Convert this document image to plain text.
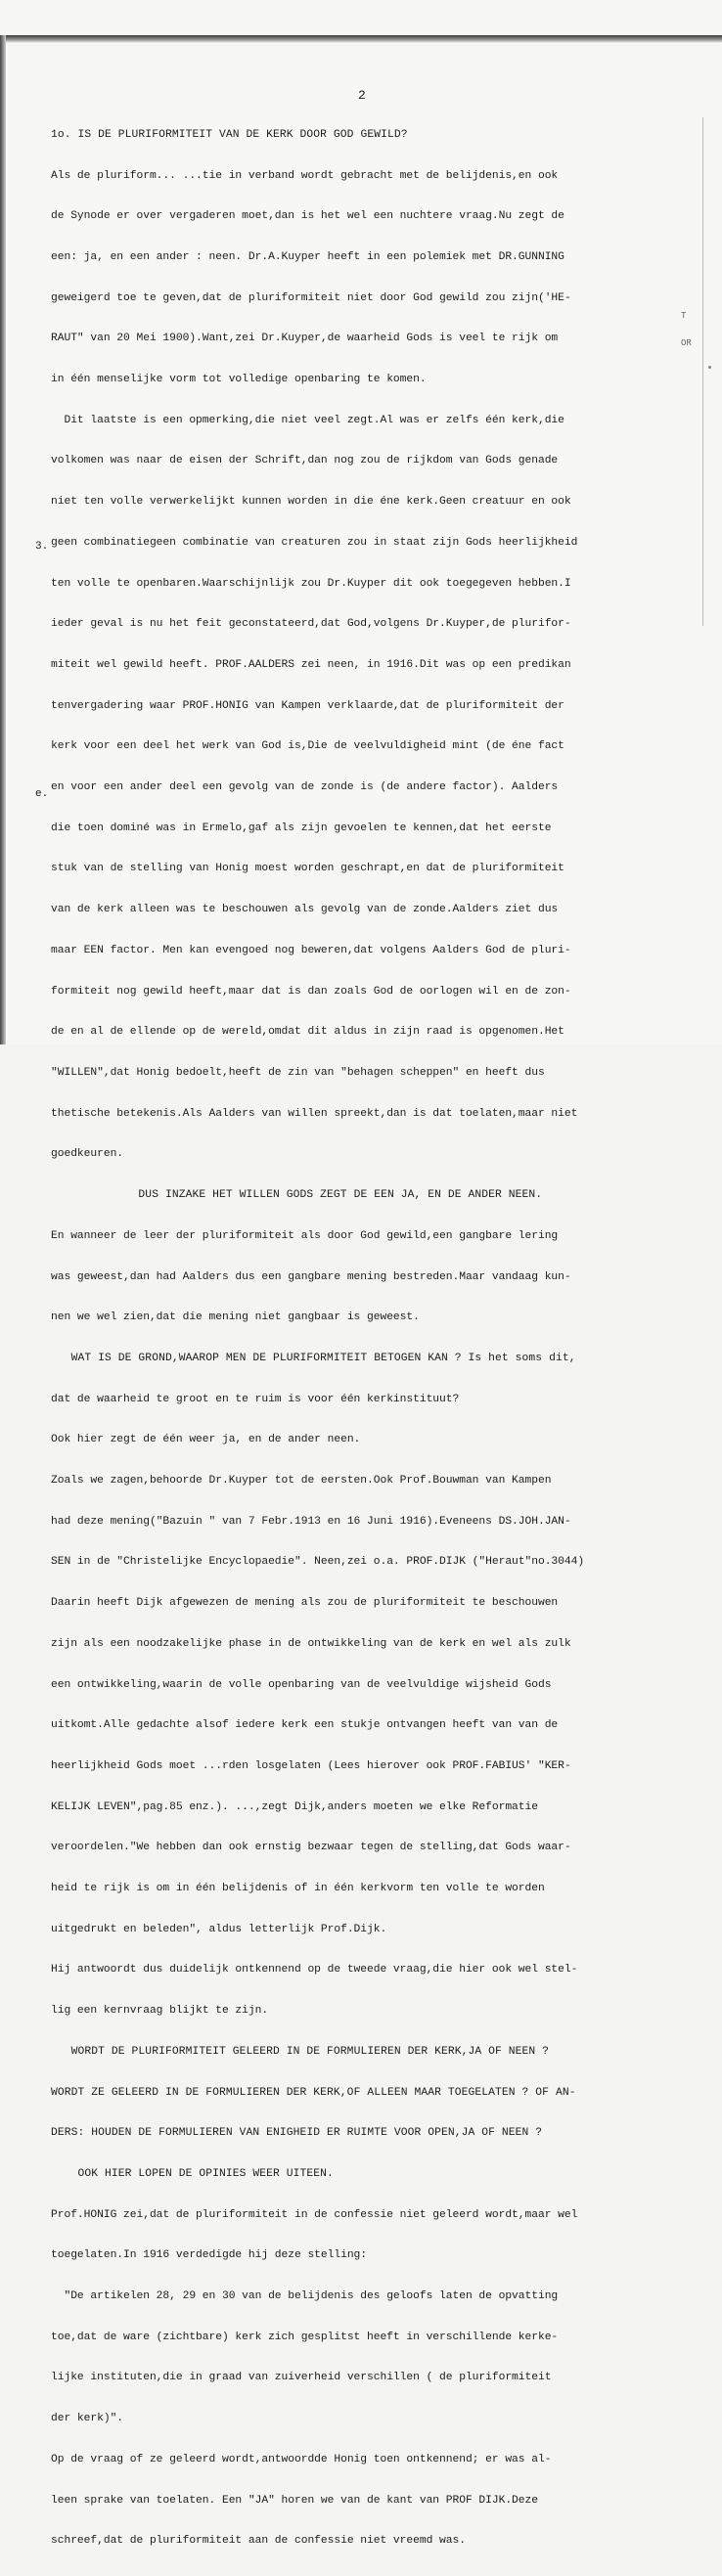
2
3.
e.
T
OR

1o. IS DE PLURIFORMITEIT VAN DE KERK DOOR GOD GEWILD?

Als de pluriform... ...tie in verband wordt gebracht met de belijdenis,en ook

de Synode er over vergaderen moet,dan is het wel een nuchtere vraag.Nu zegt de

een: ja, en een ander : neen. Dr.A.Kuyper heeft in een polemiek met DR.GUNNING

geweigerd toe te geven,dat de pluriformiteit niet door God gewild zou zijn('HE-

RAUT" van 20 Mei 1900).Want,zei Dr.Kuyper,de waarheid Gods is veel te rijk om

in één menselijke vorm tot volledige openbaring te komen.

Dit laatste is een opmerking,die niet veel zegt.Al was er zelfs één kerk,die

volkomen was naar de eisen der Schrift,dan nog zou de rijkdom van Gods genade

niet ten volle verwerkelijkt kunnen worden in die éne kerk.Geen creatuur en ook

geen combinatiegeen combinatie van creaturen zou in staat zijn Gods heerlijkheid

ten volle te openbaren.Waarschijnlijk zou Dr.Kuyper dit ook toegegeven hebben.I

ieder geval is nu het feit geconstateerd,dat God,volgens Dr.Kuyper,de plurifor-

miteit wel gewild heeft. PROF.AALDERS zei neen, in 1916.Dit was op een predikan

tenvergadering waar PROF.HONIG van Kampen verklaarde,dat de pluriformiteit der

kerk voor een deel het werk van God is,Die de veelvuldigheid mint (de éne fact

en voor een ander deel een gevolg van de zonde is (de andere factor). Aalders

die toen dominé was in Ermelo,gaf als zijn gevoelen te kennen,dat het eerste

stuk van de stelling van Honig moest worden geschrapt,en dat de pluriformiteit

van de kerk alleen was te beschouwen als gevolg van de zonde.Aalders ziet dus

maar EEN factor. Men kan evengoed nog beweren,dat volgens Aalders God de pluri-

formiteit nog gewild heeft,maar dat is dan zoals God de oorlogen wil en de zon-

de en al de ellende op de wereld,omdat dit aldus in zijn raad is opgenomen.Het

"WILLEN",dat Honig bedoelt,heeft de zin van "behagen scheppen" en heeft dus

thetische betekenis.Als Aalders van willen spreekt,dan is dat toelaten,maar niet

goedkeuren.

DUS INZAKE HET WILLEN GODS ZEGT DE EEN JA, EN DE ANDER NEEN.

En wanneer de leer der pluriformiteit als door God gewild,een gangbare lering

was geweest,dan had Aalders dus een gangbare mening bestreden.Maar vandaag kun-

nen we wel zien,dat die mening niet gangbaar is geweest.

WAT IS DE GROND,WAAROP MEN DE PLURIFORMITEIT BETOGEN KAN ? Is het soms dit,

dat de waarheid te groot en te ruim is voor één kerkinstituut?

Ook hier zegt de één weer ja, en de ander neen.

Zoals we zagen,behoorde Dr.Kuyper tot de eersten.Ook Prof.Bouwman van Kampen

had deze mening("Bazuin " van 7 Febr.1913 en 16 Juni 1916).Eveneens DS.JOH.JAN-

SEN in de "Christelijke Encyclopaedie". Neen,zei o.a. PROF.DIJK ("Heraut"no.3044)

Daarin heeft Dijk afgewezen de mening als zou de pluriformiteit te beschouwen

zijn als een noodzakelijke phase in de ontwikkeling van de kerk en wel als zulk

een ontwikkeling,waarin de volle openbaring van de veelvuldige wijsheid Gods

uitkomt.Alle gedachte alsof iedere kerk een stukje ontvangen heeft van van de

heerlijkheid Gods moet ...rden losgelaten (Lees hierover ook PROF.FABIUS' "KER-

KELIJK LEVEN",pag.85 enz.). ...,zegt Dijk,anders moeten we elke Reformatie

veroordelen."We hebben dan ook ernstig bezwaar tegen de stelling,dat Gods waar-

heid te rijk is om in één belijdenis of in één kerkvorm ten volle te worden

uitgedrukt en beleden", aldus letterlijk Prof.Dijk.

Hij antwoordt dus duidelijk ontkennend op de tweede vraag,die hier ook wel stel-

lig een kernvraag blijkt te zijn.

WORDT DE PLURIFORMITEIT GELEERD IN DE FORMULIEREN DER KERK,JA OF NEEN ?

WORDT ZE GELEERD IN DE FORMULIEREN DER KERK,OF ALLEEN MAAR TOEGELATEN ? OF AN-

DERS: HOUDEN DE FORMULIEREN VAN ENIGHEID ER RUIMTE VOOR OPEN,JA OF NEEN ?

OOK HIER LOPEN DE OPINIES WEER UITEEN.

Prof.HONIG zei,dat de pluriformiteit in de confessie niet geleerd wordt,maar wel

toegelaten.In 1916 verdedigde hij deze stelling:

"De artikelen 28, 29 en 30 van de belijdenis des geloofs laten de opvatting

toe,dat de ware (zichtbare) kerk zich gesplitst heeft in verschillende kerke-

lijke instituten,die in graad van zuiverheid verschillen ( de pluriformiteit

der kerk)".

Op de vraag of ze geleerd wordt,antwoordde Honig toen ontkennend; er was al-

leen sprake van toelaten. Een "JA" horen we van de kant van PROF DIJK.Deze

schreef,dat de pluriformiteit aan de confessie niet vreemd was.
